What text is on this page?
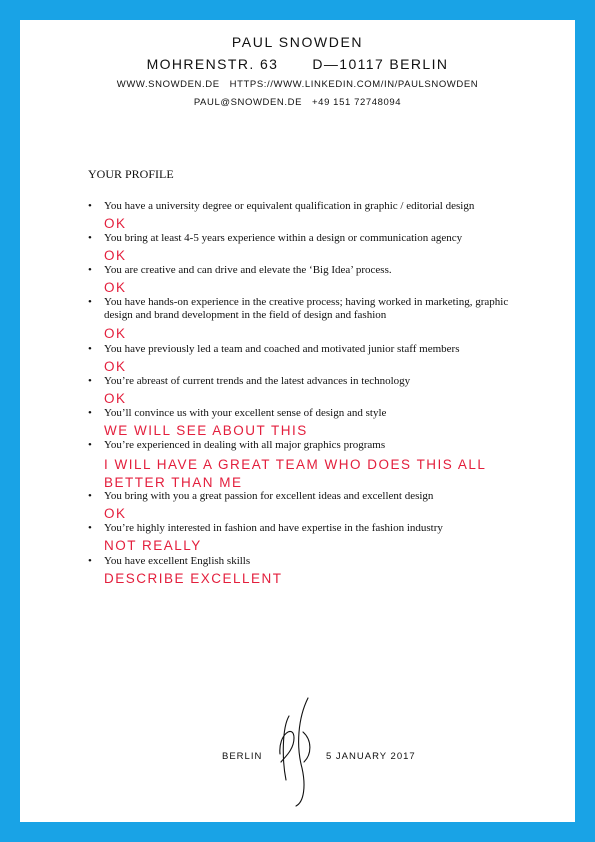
PAUL SNOWDEN
MOHRENSTR. 63 D—10117 BERLIN
WWW.SNOWDEN.DE HTTPS://WWW.LINKEDIN.COM/IN/PAULSNOWDEN
PAUL@SNOWDEN.DE +49 151 72748094
YOUR PROFILE
• You have a university degree or equivalent qualification in graphic / editorial design
OK
• You bring at least 4-5 years experience within a design or communication agency
OK
• You are creative and can drive and elevate the ‘Big Idea’ process.
OK
• You have hands-on experience in the creative process; having worked in marketing, graphic design and brand development in the field of design and fashion
OK
• You have previously led a team and coached and motivated junior staff members
OK
• You’re abreast of current trends and the latest advances in technology
OK
• You’ll convince us with your excellent sense of design and style
WE WILL SEE ABOUT THIS
• You’re experienced in dealing with all major graphics programs
I WILL HAVE A GREAT TEAM WHO DOES THIS ALL BETTER THAN ME
• You bring with you a great passion for excellent ideas and excellent design
OK
• You’re highly interested in fashion and have expertise in the fashion industry
NOT REALLY
• You have excellent English skills
DESCRIBE EXCELLENT
BERLIN	5 JANUARY 2017
